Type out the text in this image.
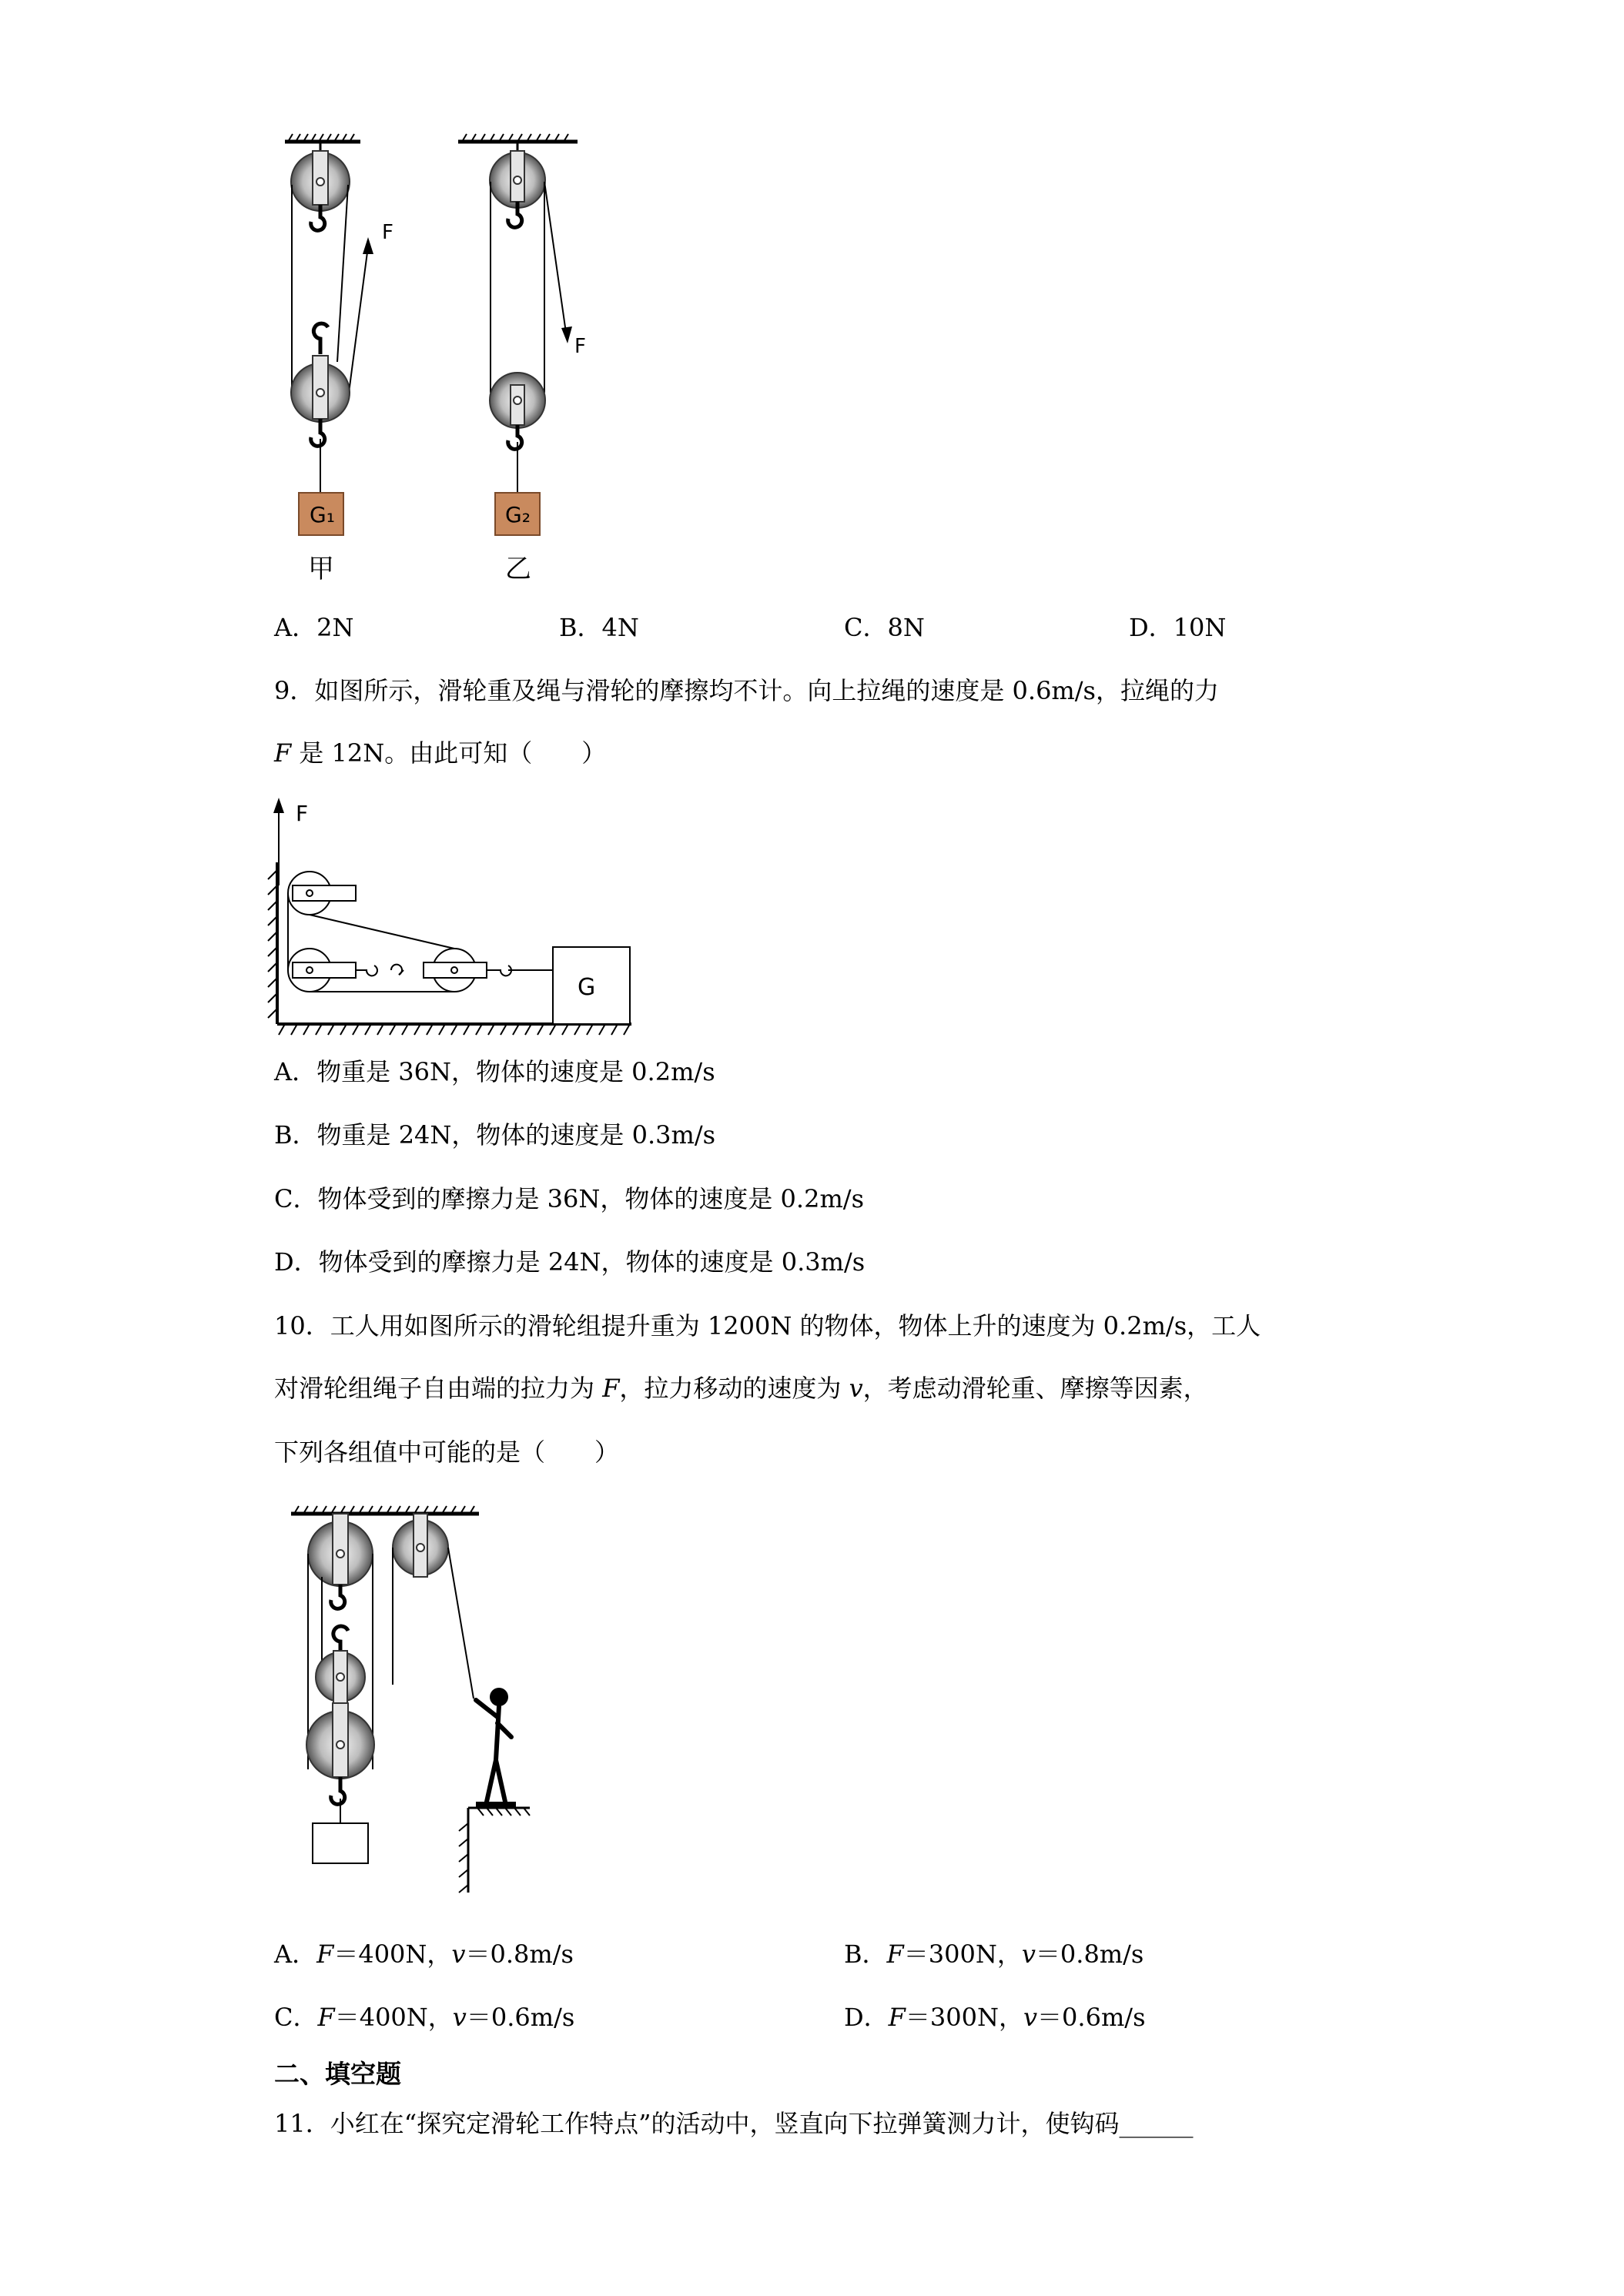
F
G₁
甲
F
G₂
乙
A．2N	B．4N	C．8N	D．10N
9．如图所示，滑轮重及绳与滑轮的摩擦均不计。向上拉绳的速度是 0.6m/s，拉绳的力
F 是 12N。由此可知（　　）
F
G
A．物重是 36N，物体的速度是 0.2m/s
B．物重是 24N，物体的速度是 0.3m/s
C．物体受到的摩擦力是 36N，物体的速度是 0.2m/s
D．物体受到的摩擦力是 24N，物体的速度是 0.3m/s
10．工人用如图所示的滑轮组提升重为 1200N 的物体，物体上升的速度为 0.2m/s，工人
对滑轮组绳子自由端的拉力为 F，拉力移动的速度为 v，考虑动滑轮重、摩擦等因素，
下列各组值中可能的是（　　）
A．F＝400N，v＝0.8m/s	B．F＝300N，v＝0.8m/s
C．F＝400N，v＝0.6m/s	D．F＝300N，v＝0.6m/s
二、填空题
11．小红在“探究定滑轮工作特点”的活动中，竖直向下拉弹簧测力计，使钩码______
